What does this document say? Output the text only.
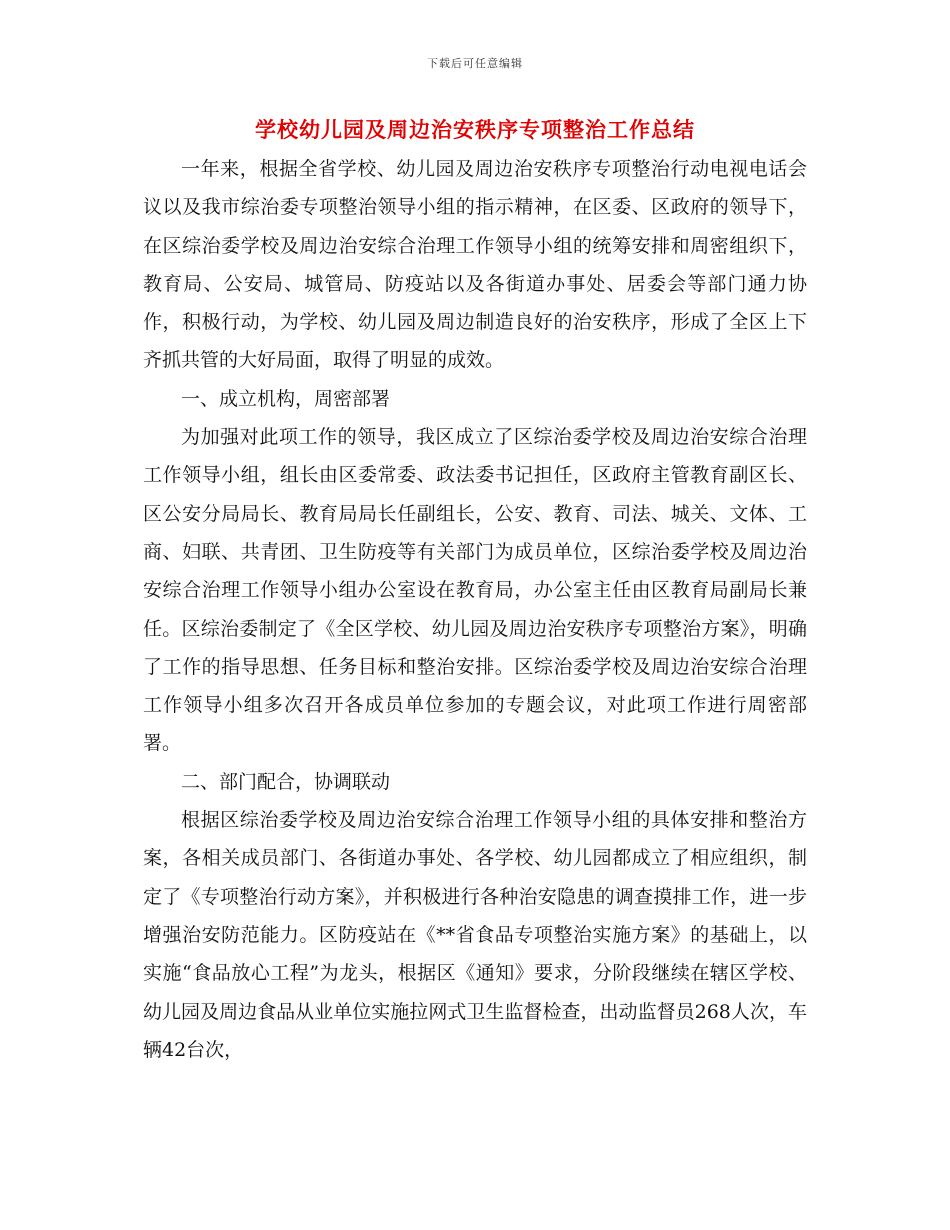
下载后可任意编辑
学校幼儿园及周边治安秩序专项整治工作总结

一年来，根据全省学校、幼儿园及周边治安秩序专项整治行动电视电话会议以及我市综治委专项整治领导小组的指示精神，在区委、区政府的领导下，在区综治委学校及周边治安综合治理工作领导小组的统筹安排和周密组织下，教育局、公安局、城管局、防疫站以及各街道办事处、居委会等部门通力协作，积极行动，为学校、幼儿园及周边制造良好的治安秩序，形成了全区上下齐抓共管的大好局面，取得了明显的成效。

一、成立机构，周密部署

为加强对此项工作的领导，我区成立了区综治委学校及周边治安综合治理工作领导小组，组长由区委常委、政法委书记担任，区政府主管教育副区长、区公安分局局长、教育局局长任副组长，公安、教育、司法、城关、文体、工商、妇联、共青团、卫生防疫等有关部门为成员单位，区综治委学校及周边治安综合治理工作领导小组办公室设在教育局，办公室主任由区教育局副局长兼任。区综治委制定了《全区学校、幼儿园及周边治安秩序专项整治方案》，明确了工作的指导思想、任务目标和整治安排。区综治委学校及周边治安综合治理工作领导小组多次召开各成员单位参加的专题会议，对此项工作进行周密部署。

二、部门配合，协调联动

根据区综治委学校及周边治安综合治理工作领导小组的具体安排和整治方案，各相关成员部门、各街道办事处、各学校、幼儿园都成立了相应组织，制定了《专项整治行动方案》，并积极进行各种治安隐患的调查摸排工作，进一步增强治安防范能力。区防疫站在《**省食品专项整治实施方案》的基础上，以实施“食品放心工程”为龙头，根据区《通知》要求，分阶段继续在辖区学校、幼儿园及周边食品从业单位实施拉网式卫生监督检查，出动监督员268人次，车辆42台次，
